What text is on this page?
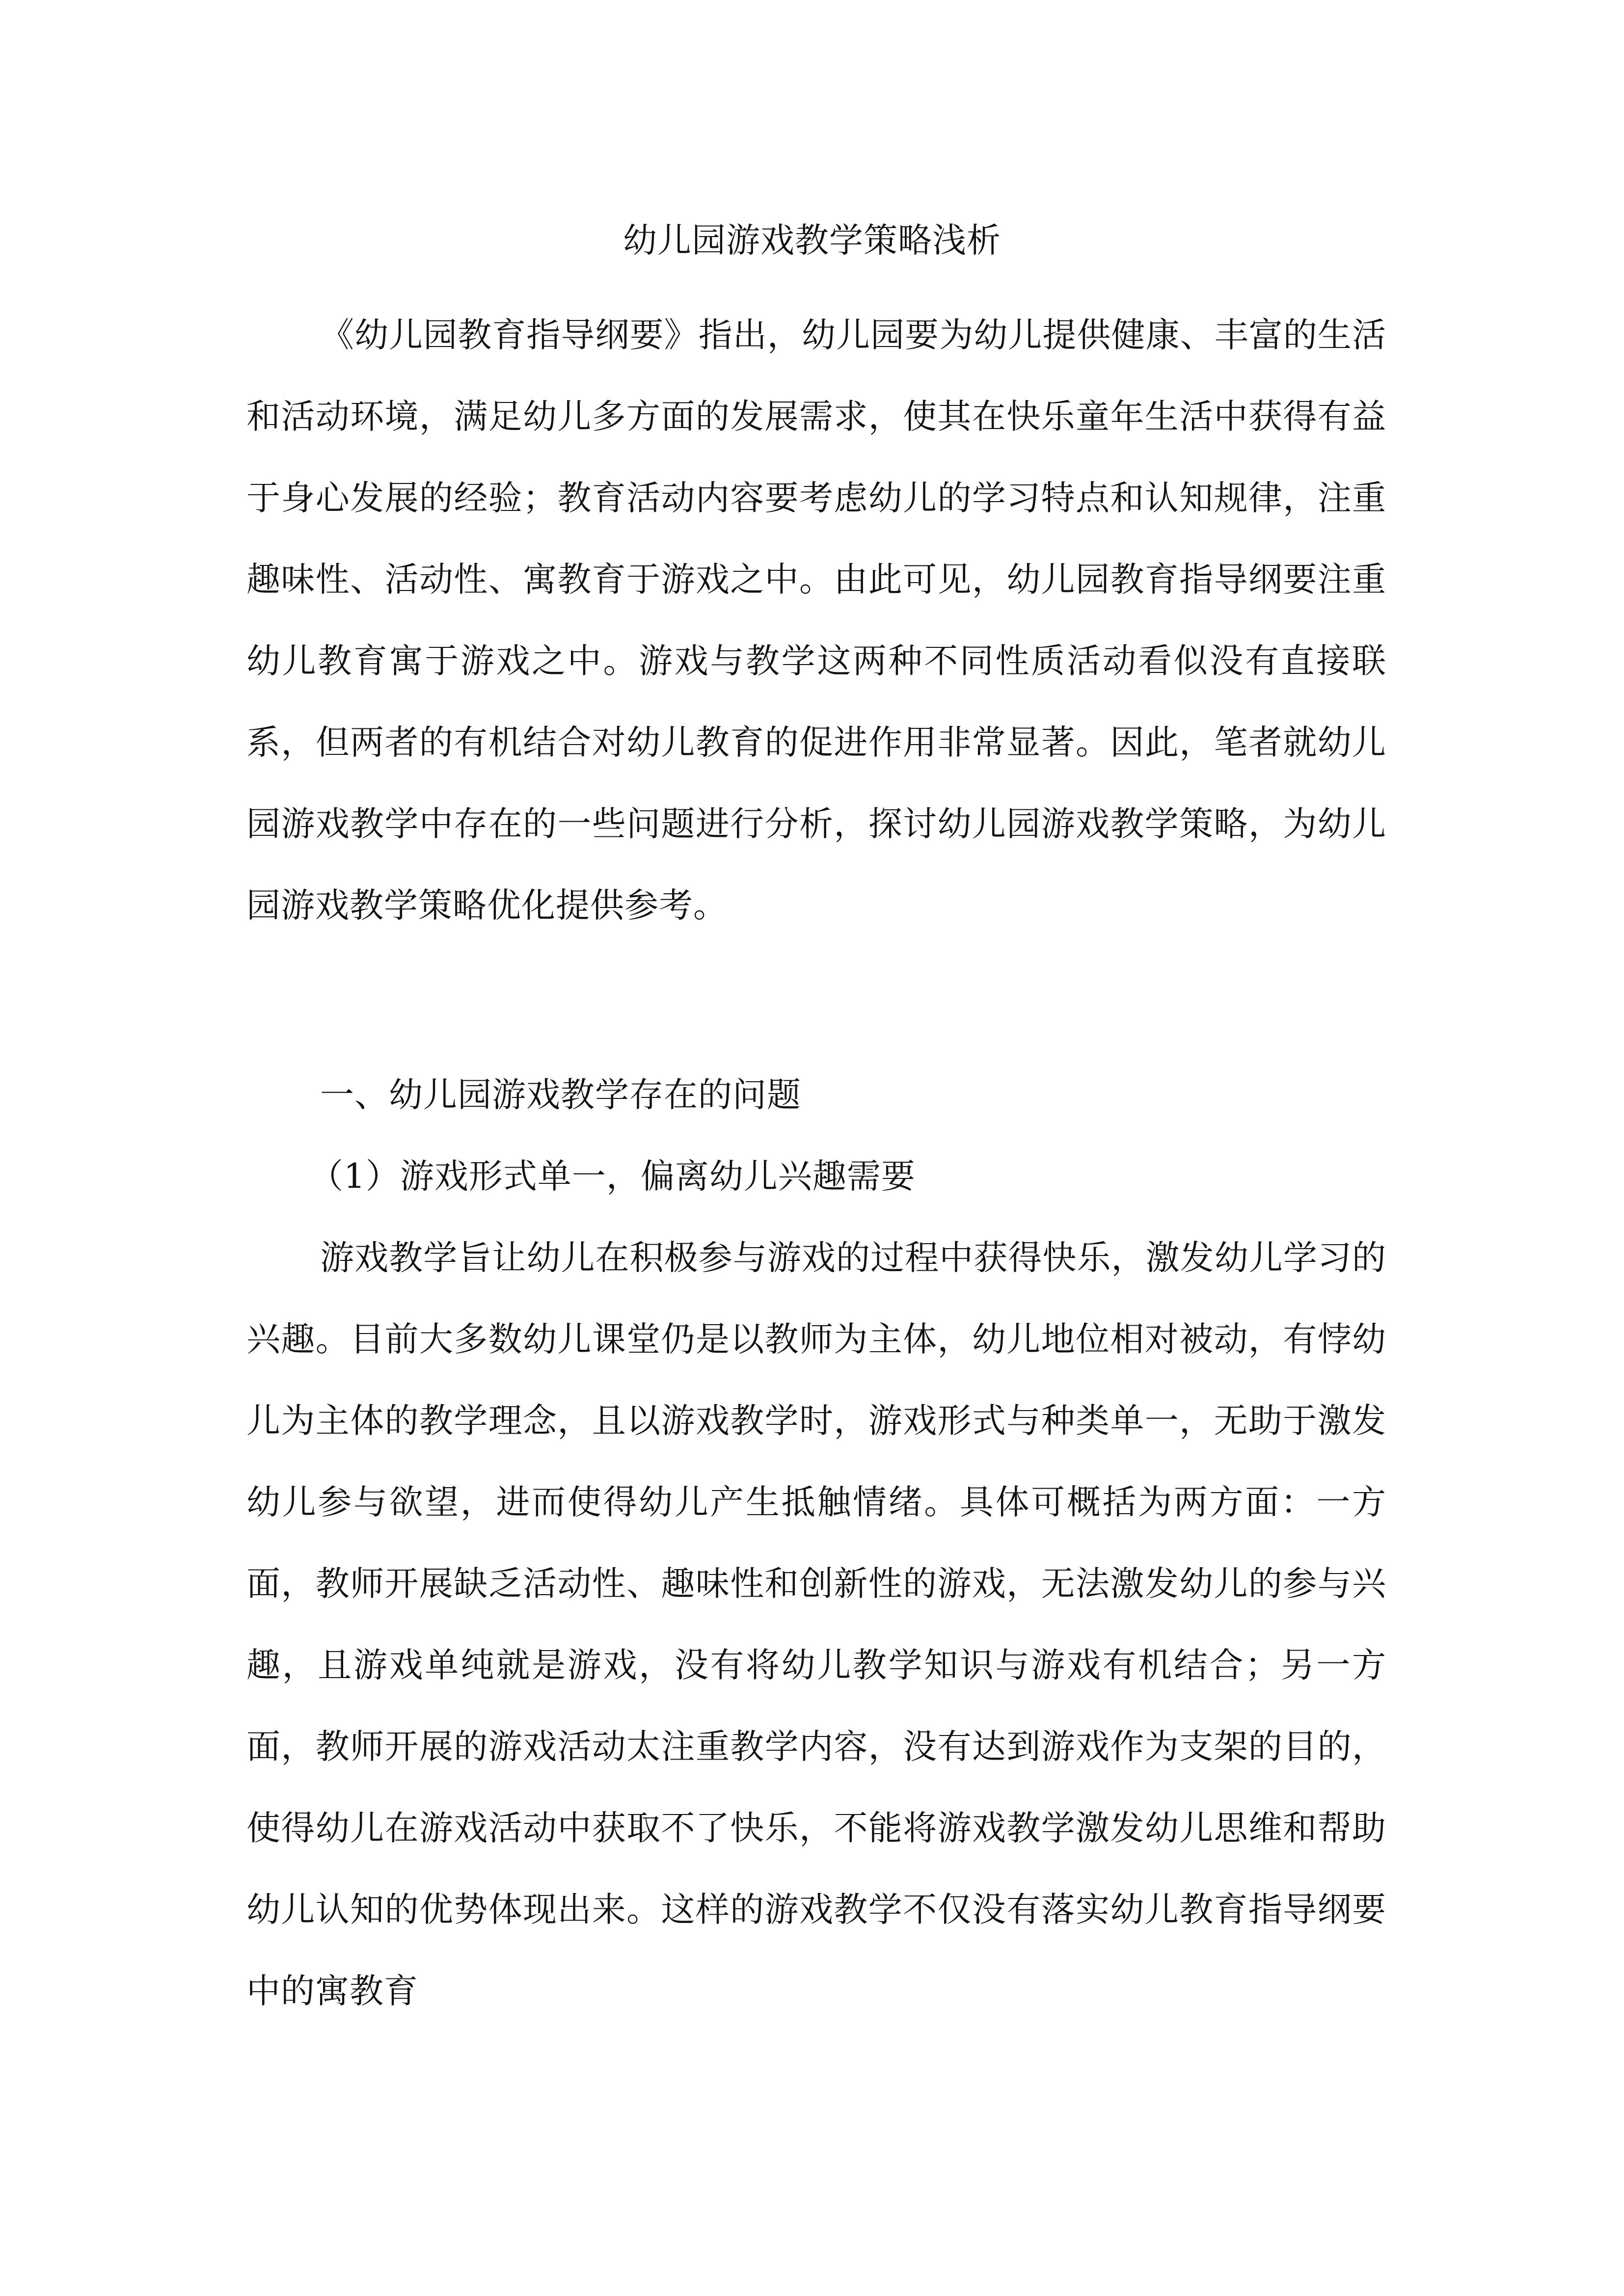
幼儿园游戏教学策略浅析
《幼儿园教育指导纲要》指出，幼儿园要为幼儿提供健康、丰富的生活和活动环境，满足幼儿多方面的发展需求，使其在快乐童年生活中获得有益于身心发展的经验；教育活动内容要考虑幼儿的学习特点和认知规律，注重趣味性、活动性、寓教育于游戏之中。由此可见，幼儿园教育指导纲要注重幼儿教育寓于游戏之中。游戏与教学这两种不同性质活动看似没有直接联系，但两者的有机结合对幼儿教育的促进作用非常显著。因此，笔者就幼儿园游戏教学中存在的一些问题进行分析，探讨幼儿园游戏教学策略，为幼儿园游戏教学策略优化提供参考。
一、幼儿园游戏教学存在的问题
（1）游戏形式单一，偏离幼儿兴趣需要
游戏教学旨让幼儿在积极参与游戏的过程中获得快乐，激发幼儿学习的兴趣。目前大多数幼儿课堂仍是以教师为主体，幼儿地位相对被动，有悖幼儿为主体的教学理念，且以游戏教学时，游戏形式与种类单一，无助于激发幼儿参与欲望，进而使得幼儿产生抵触情绪。具体可概括为两方面：一方面，教师开展缺乏活动性、趣味性和创新性的游戏，无法激发幼儿的参与兴趣，且游戏单纯就是游戏，没有将幼儿教学知识与游戏有机结合；另一方面，教师开展的游戏活动太注重教学内容，没有达到游戏作为支架的目的，使得幼儿在游戏活动中获取不了快乐，不能将游戏教学激发幼儿思维和帮助幼儿认知的优势体现出来。这样的游戏教学不仅没有落实幼儿教育指导纲要中的寓教育
